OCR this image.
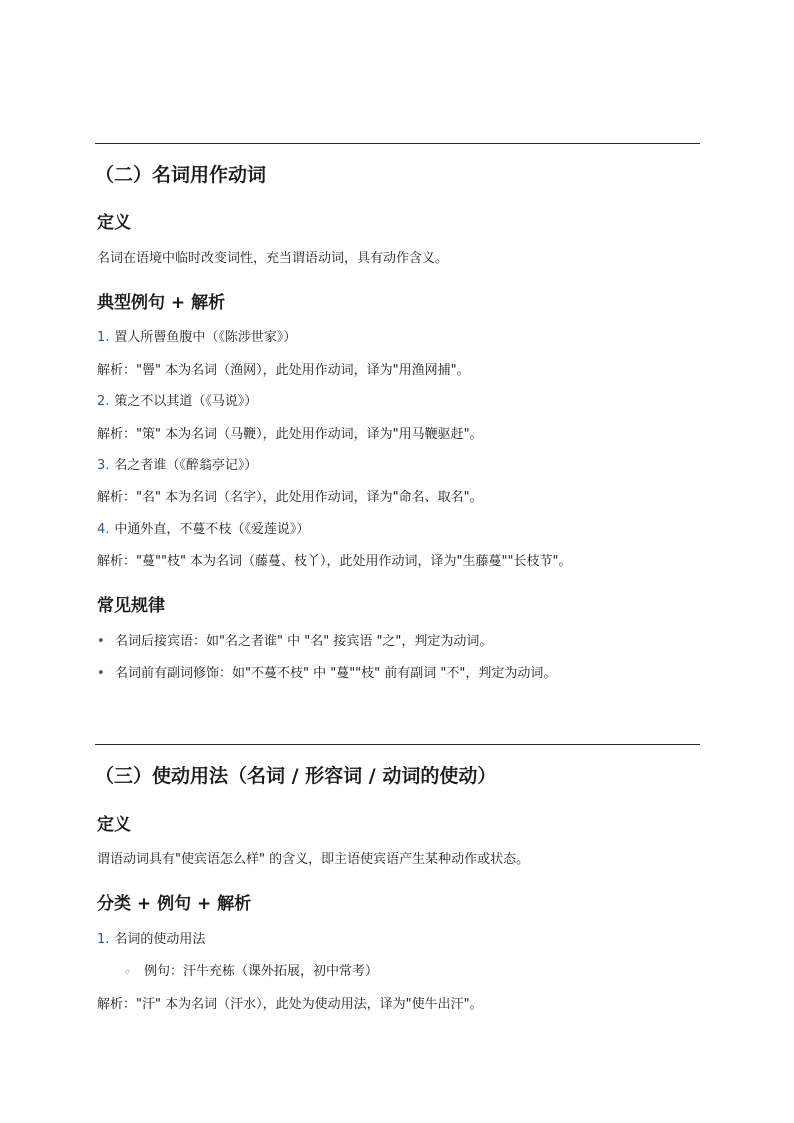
（二）名词用作动词
定义

名词在语境中临时改变词性，充当谓语动词，具有动作含义。

典型例句 + 解析

1. 置人所罾鱼腹中（《陈涉世家》）

解析："罾" 本为名词（渔网），此处用作动词，译为"用渔网捕"。

2. 策之不以其道（《马说》）

解析："策" 本为名词（马鞭），此处用作动词，译为"用马鞭驱赶"。

3. 名之者谁（《醉翁亭记》）

解析："名" 本为名词（名字），此处用作动词，译为"命名、取名"。

4. 中通外直，不蔓不枝（《爱莲说》）

解析："蔓""枝" 本为名词（藤蔓、枝丫），此处用作动词，译为"生藤蔓""长枝节"。

常见规律
• 名词后接宾语：如"名之者谁" 中 "名" 接宾语 "之"，判定为动词。
• 名词前有副词修饰：如"不蔓不枝" 中 "蔓""枝" 前有副词 "不"，判定为动词。
（三）使动用法（名词 / 形容词 / 动词的使动）
定义

谓语动词具有"使宾语怎么样" 的含义，即主语使宾语产生某种动作或状态。

分类 + 例句 + 解析

1. 名词的使动用法

◦ 例句：汗牛充栋（课外拓展，初中常考）

解析："汗" 本为名词（汗水），此处为使动用法，译为"使牛出汗"。
